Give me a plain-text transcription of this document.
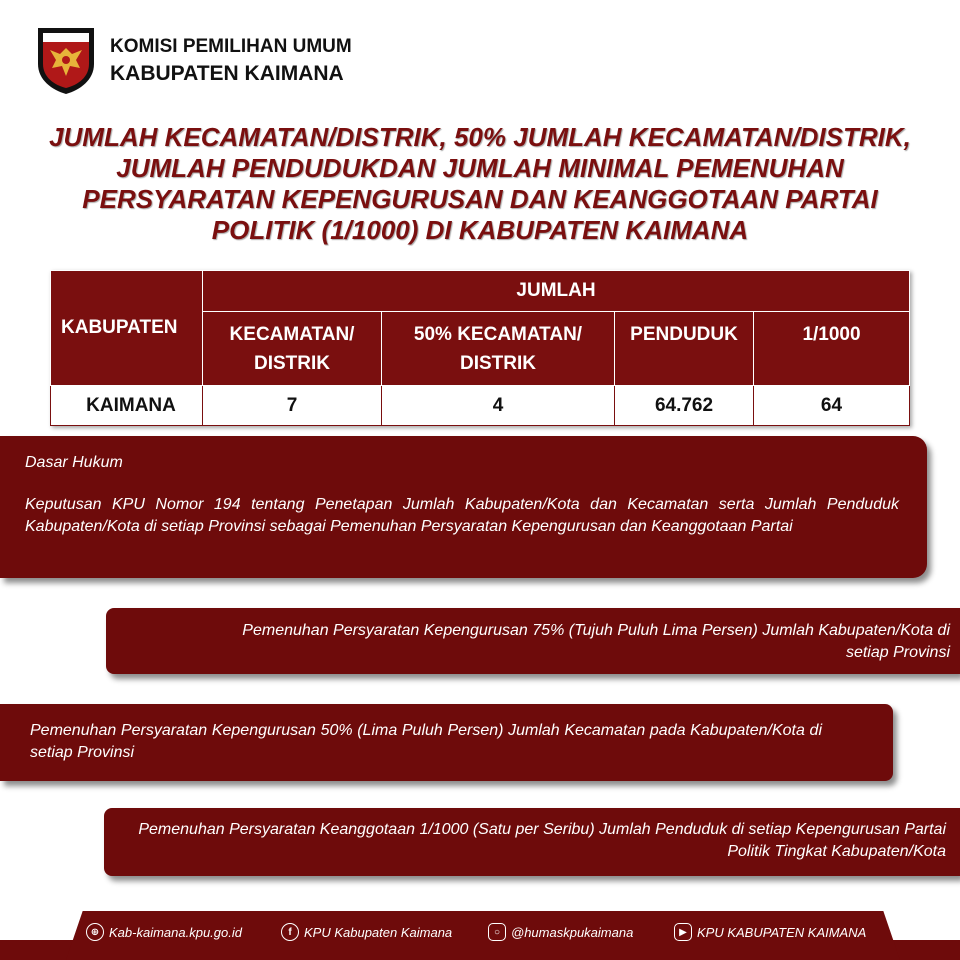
KOMISI PEMILIHAN UMUM
KABUPATEN KAIMANA
JUMLAH KECAMATAN/DISTRIK, 50% JUMLAH KECAMATAN/DISTRIK, JUMLAH PENDUDUKDAN JUMLAH MINIMAL PEMENUHAN PERSYARATAN KEPENGURUSAN DAN KEANGGOTAAN PARTAI POLITIK (1/1000) DI KABUPATEN KAIMANA
KABUPATEN	JUMLAH			
	KECAMATAN/ DISTRIK	50% KECAMATAN/ DISTRIK	PENDUDUK	1/1000
KAIMANA	7	4	64.762	64
Dasar Hukum
Keputusan KPU Nomor 194 tentang Penetapan Jumlah Kabupaten/Kota dan Kecamatan serta Jumlah Penduduk Kabupaten/Kota di setiap Provinsi sebagai Pemenuhan Persyaratan Kepengurusan dan Keanggotaan Partai
Pemenuhan Persyaratan Kepengurusan 75% (Tujuh Puluh Lima Persen) Jumlah Kabupaten/Kota di setiap Provinsi
Pemenuhan Persyaratan Kepengurusan 50% (Lima Puluh Persen) Jumlah Kecamatan pada Kabupaten/Kota di setiap Provinsi
Pemenuhan Persyaratan Keanggotaan 1/1000 (Satu per Seribu) Jumlah Penduduk di setiap Kepengurusan Partai Politik Tingkat Kabupaten/Kota
⊕ Kab-kaimana.kpu.go.id	f KPU Kabupaten Kaimana	○ @humaskpukaimana	▶ KPU KABUPATEN KAIMANA
